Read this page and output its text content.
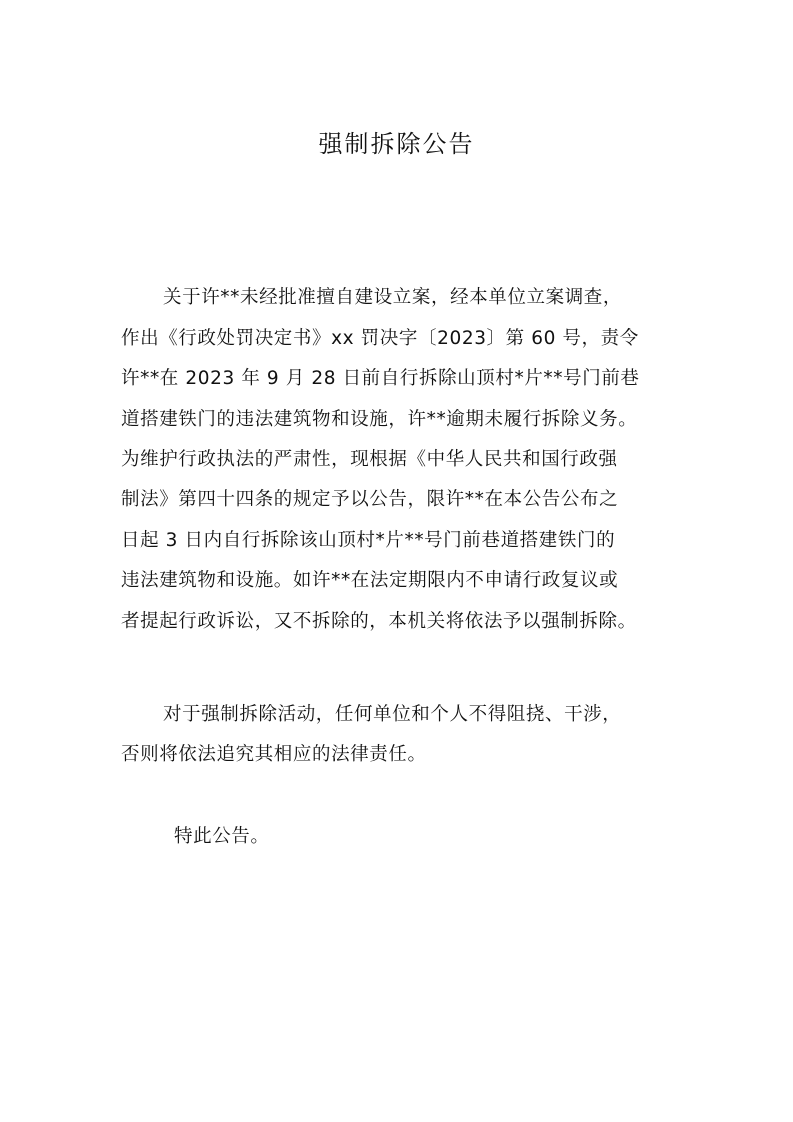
强制拆除公告
关于许**未经批准擅自建设立案，经本单位立案调查，
作出《行政处罚决定书》xx 罚决字〔2023〕第 60 号，责令
许**在 2023 年 9 月 28 日前自行拆除山顶村*片**号门前巷
道搭建铁门的违法建筑物和设施，许**逾期未履行拆除义务。
为维护行政执法的严肃性，现根据《中华人民共和国行政强
制法》第四十四条的规定予以公告，限许**在本公告公布之
日起 3 日内自行拆除该山顶村*片**号门前巷道搭建铁门的
违法建筑物和设施。如许**在法定期限内不申请行政复议或
者提起行政诉讼，又不拆除的，本机关将依法予以强制拆除。
对于强制拆除活动，任何单位和个人不得阻挠、干涉，
否则将依法追究其相应的法律责任。
特此公告。
